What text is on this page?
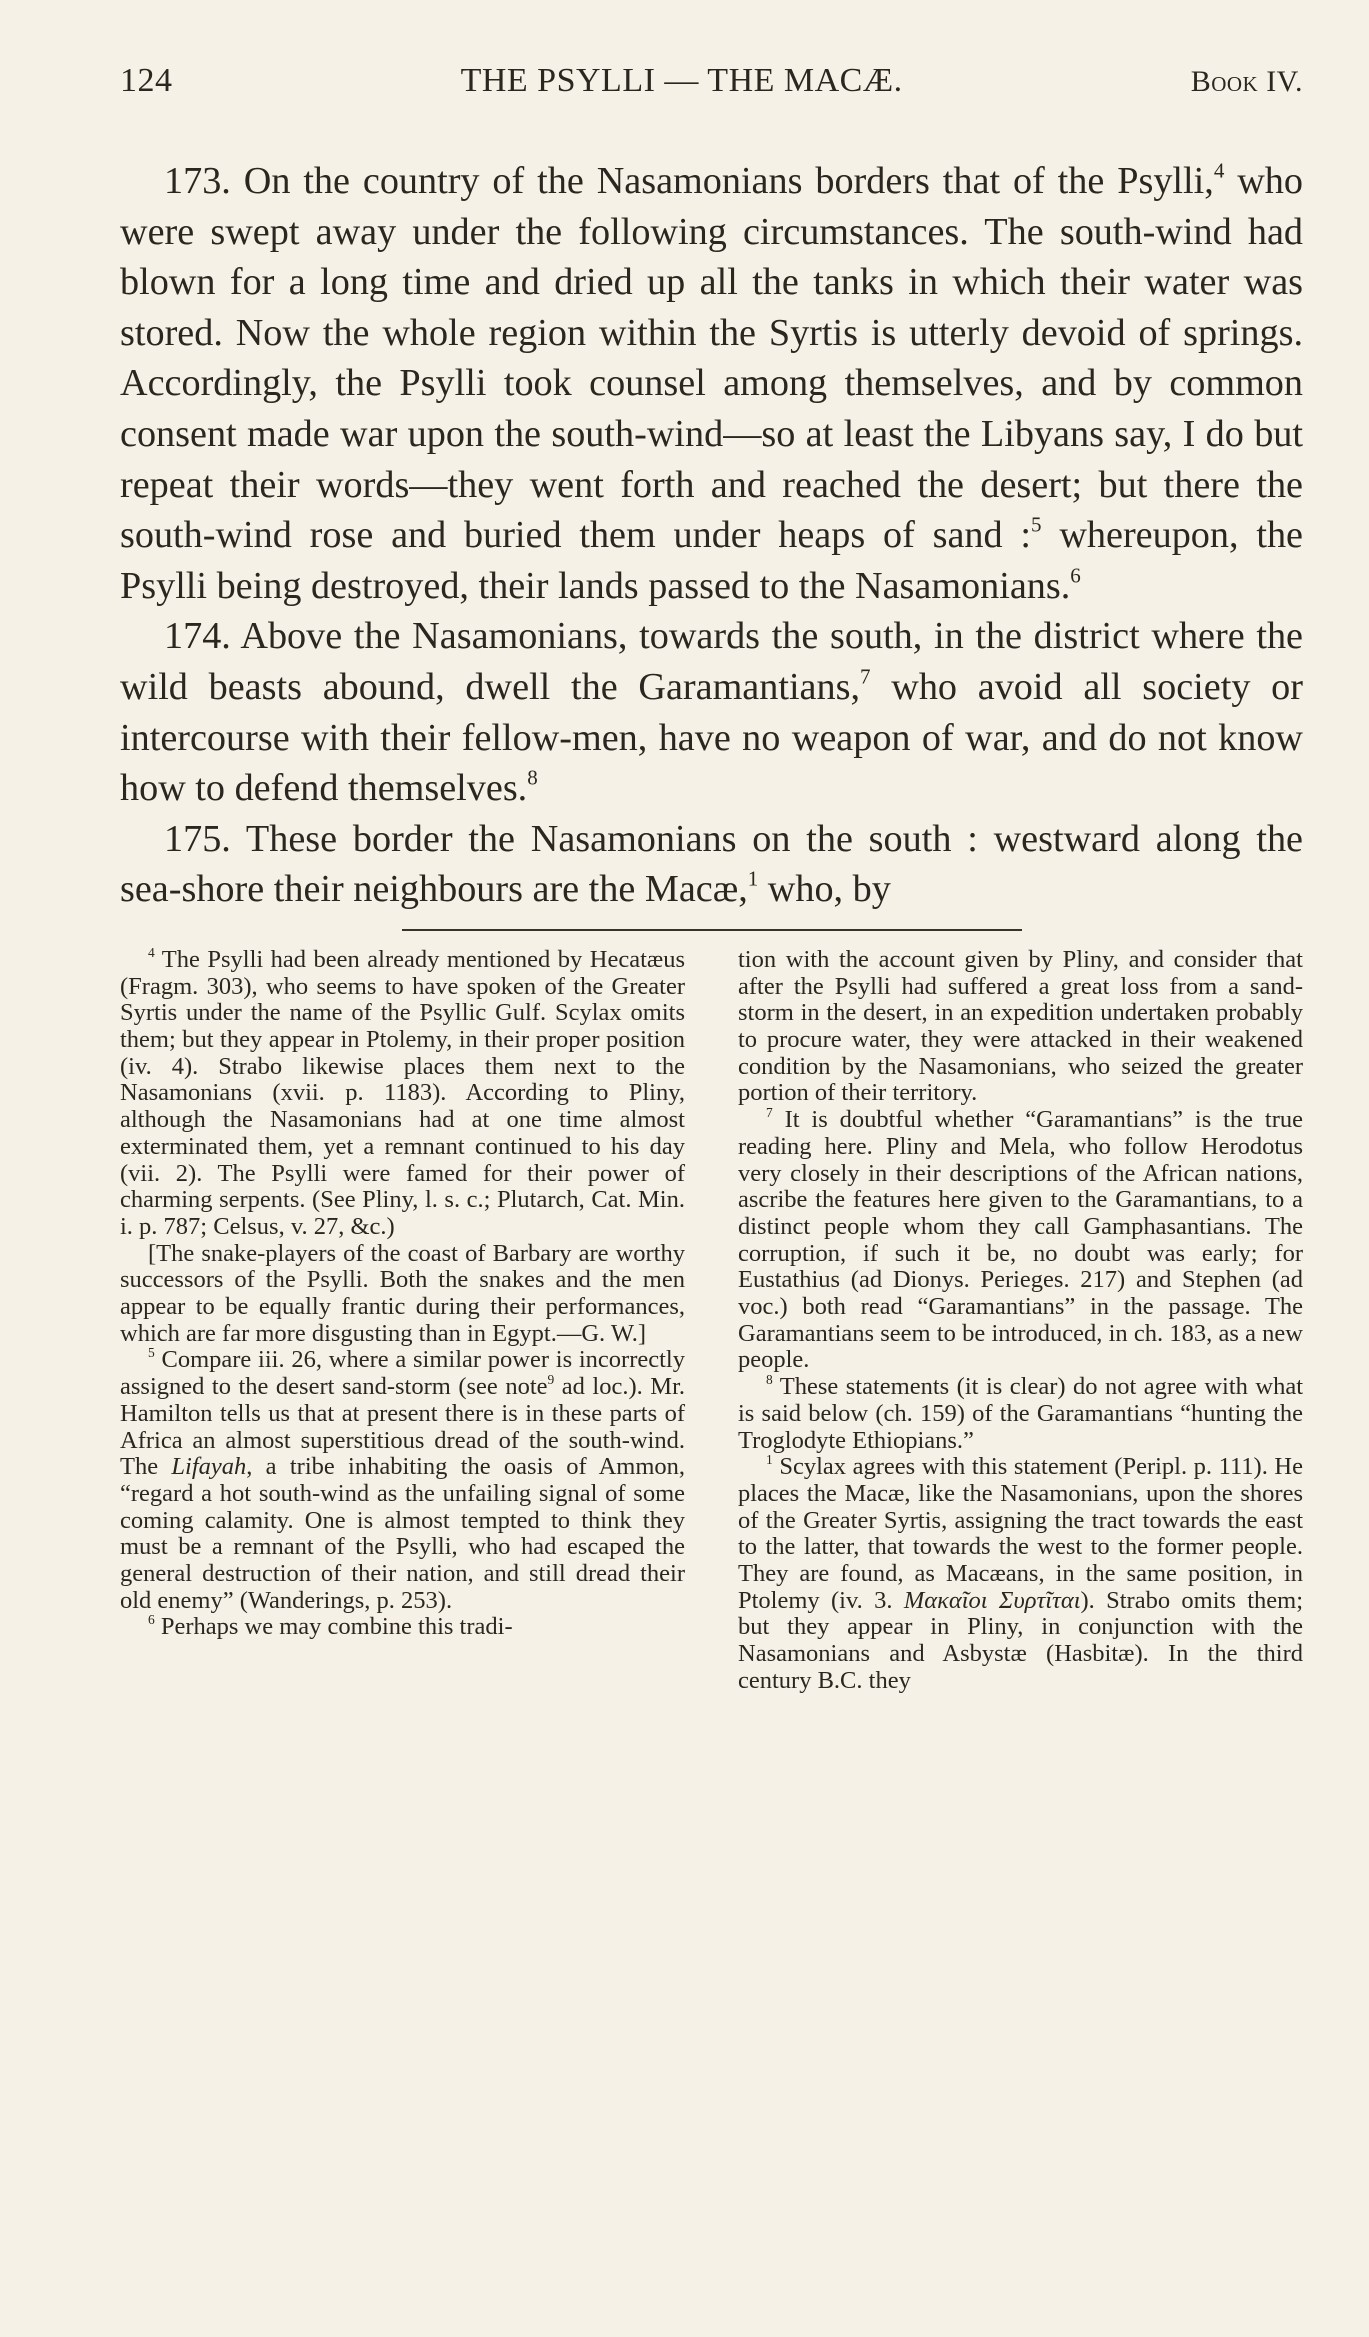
124	THE PSYLLI — THE MACÆ.	Book IV.

173. On the country of the Nasamonians borders that of the Psylli,$^4$ who were swept away under the following circumstances. The south-wind had blown for a long time and dried up all the tanks in which their water was stored. Now the whole region within the Syrtis is utterly devoid of springs. Accordingly, the Psylli took counsel among themselves, and by common consent made war upon the south-wind—so at least the Libyans say, I do but repeat their words—they went forth and reached the desert; but there the south-wind rose and buried them under heaps of sand :$^5$ whereupon, the Psylli being destroyed, their lands passed to the Nasamonians.$^6$

174. Above the Nasamonians, towards the south, in the district where the wild beasts abound, dwell the Garamantians,$^7$ who avoid all society or intercourse with their fellow-men, have no weapon of war, and do not know how to defend themselves.$^8$

175. These border the Nasamonians on the south : westward along the sea-shore their neighbours are the Macæ,$^1$ who, by

$^4$ The Psylli had been already mentioned by Hecatæus (Fragm. 303), who seems to have spoken of the Greater Syrtis under the name of the Psyllic Gulf. Scylax omits them; but they appear in Ptolemy, in their proper position (iv. 4). Strabo likewise places them next to the Nasamonians (xvii. p. 1183). According to Pliny, although the Nasamonians had at one time almost exterminated them, yet a remnant continued to his day (vii. 2). The Psylli were famed for their power of charming serpents. (See Pliny, l. s. c.; Plutarch, Cat. Min. i. p. 787; Celsus, v. 27, &c.)

[The snake-players of the coast of Barbary are worthy successors of the Psylli. Both the snakes and the men appear to be equally frantic during their performances, which are far more disgusting than in Egypt.—G. W.]

$^5$ Compare iii. 26, where a similar power is incorrectly assigned to the desert sand-storm (see note$^9$ ad loc.). Mr. Hamilton tells us that at present there is in these parts of Africa an almost superstitious dread of the south-wind. The Lifayah, a tribe inhabiting the oasis of Ammon, “regard a hot south-wind as the unfailing signal of some coming calamity. One is almost tempted to think they must be a remnant of the Psylli, who had escaped the general destruction of their nation, and still dread their old enemy” (Wanderings, p. 253).

$^6$ Perhaps we may combine this tradi-

tion with the account given by Pliny, and consider that after the Psylli had suffered a great loss from a sand-storm in the desert, in an expedition undertaken probably to procure water, they were attacked in their weakened condition by the Nasamonians, who seized the greater portion of their territory.

$^7$ It is doubtful whether “Garamantians” is the true reading here. Pliny and Mela, who follow Herodotus very closely in their descriptions of the African nations, ascribe the features here given to the Garamantians, to a distinct people whom they call Gamphasantians. The corruption, if such it be, no doubt was early; for Eustathius (ad Dionys. Perieges. 217) and Stephen (ad voc.) both read “Garamantians” in the passage. The Garamantians seem to be introduced, in ch. 183, as a new people.

$^8$ These statements (it is clear) do not agree with what is said below (ch. 159) of the Garamantians “hunting the Troglodyte Ethiopians.”

$^1$ Scylax agrees with this statement (Peripl. p. 111). He places the Macæ, like the Nasamonians, upon the shores of the Greater Syrtis, assigning the tract towards the east to the latter, that towards the west to the former people. They are found, as Macæans, in the same position, in Ptolemy (iv. 3. Μακαῖοι Συρτῖται). Strabo omits them; but they appear in Pliny, in conjunction with the Nasamonians and Asbystæ (Hasbitæ). In the third century B.C. they
